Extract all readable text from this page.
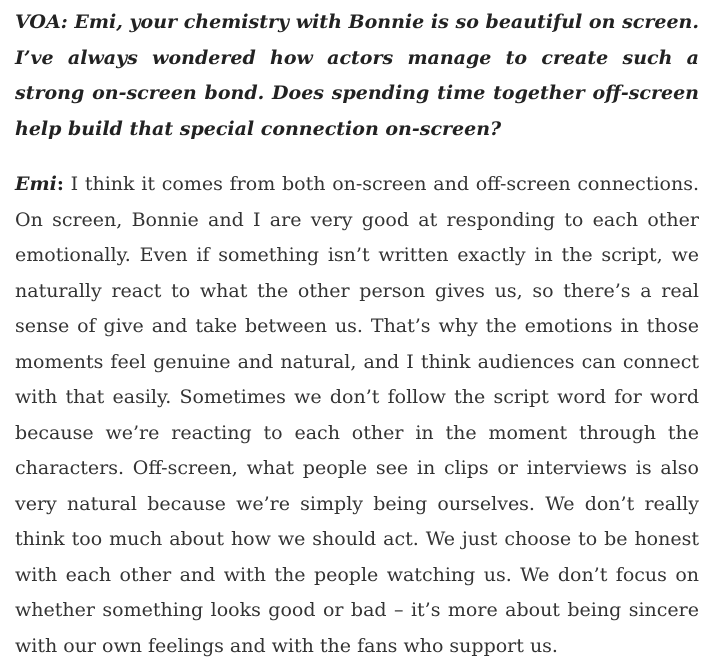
VOA: Emi, your chemistry with Bonnie is so beautiful on screen. I’ve always wondered how actors manage to create such a strong on-screen bond. Does spending time together off-screen help build that special connection on-screen?

Emi: I think it comes from both on-screen and off-screen connections. On screen, Bonnie and I are very good at responding to each other emotionally. Even if something isn’t written exactly in the script, we naturally react to what the other person gives us, so there’s a real sense of give and take between us. That’s why the emotions in those moments feel genuine and natural, and I think audiences can connect with that easily. Sometimes we don’t follow the script word for word because we’re reacting to each other in the moment through the characters. Off-screen, what people see in clips or interviews is also very natural because we’re simply being ourselves. We don’t really think too much about how we should act. We just choose to be honest with each other and with the people watching us. We don’t focus on whether something looks good or bad – it’s more about being sincere with our own feelings and with the fans who support us.
